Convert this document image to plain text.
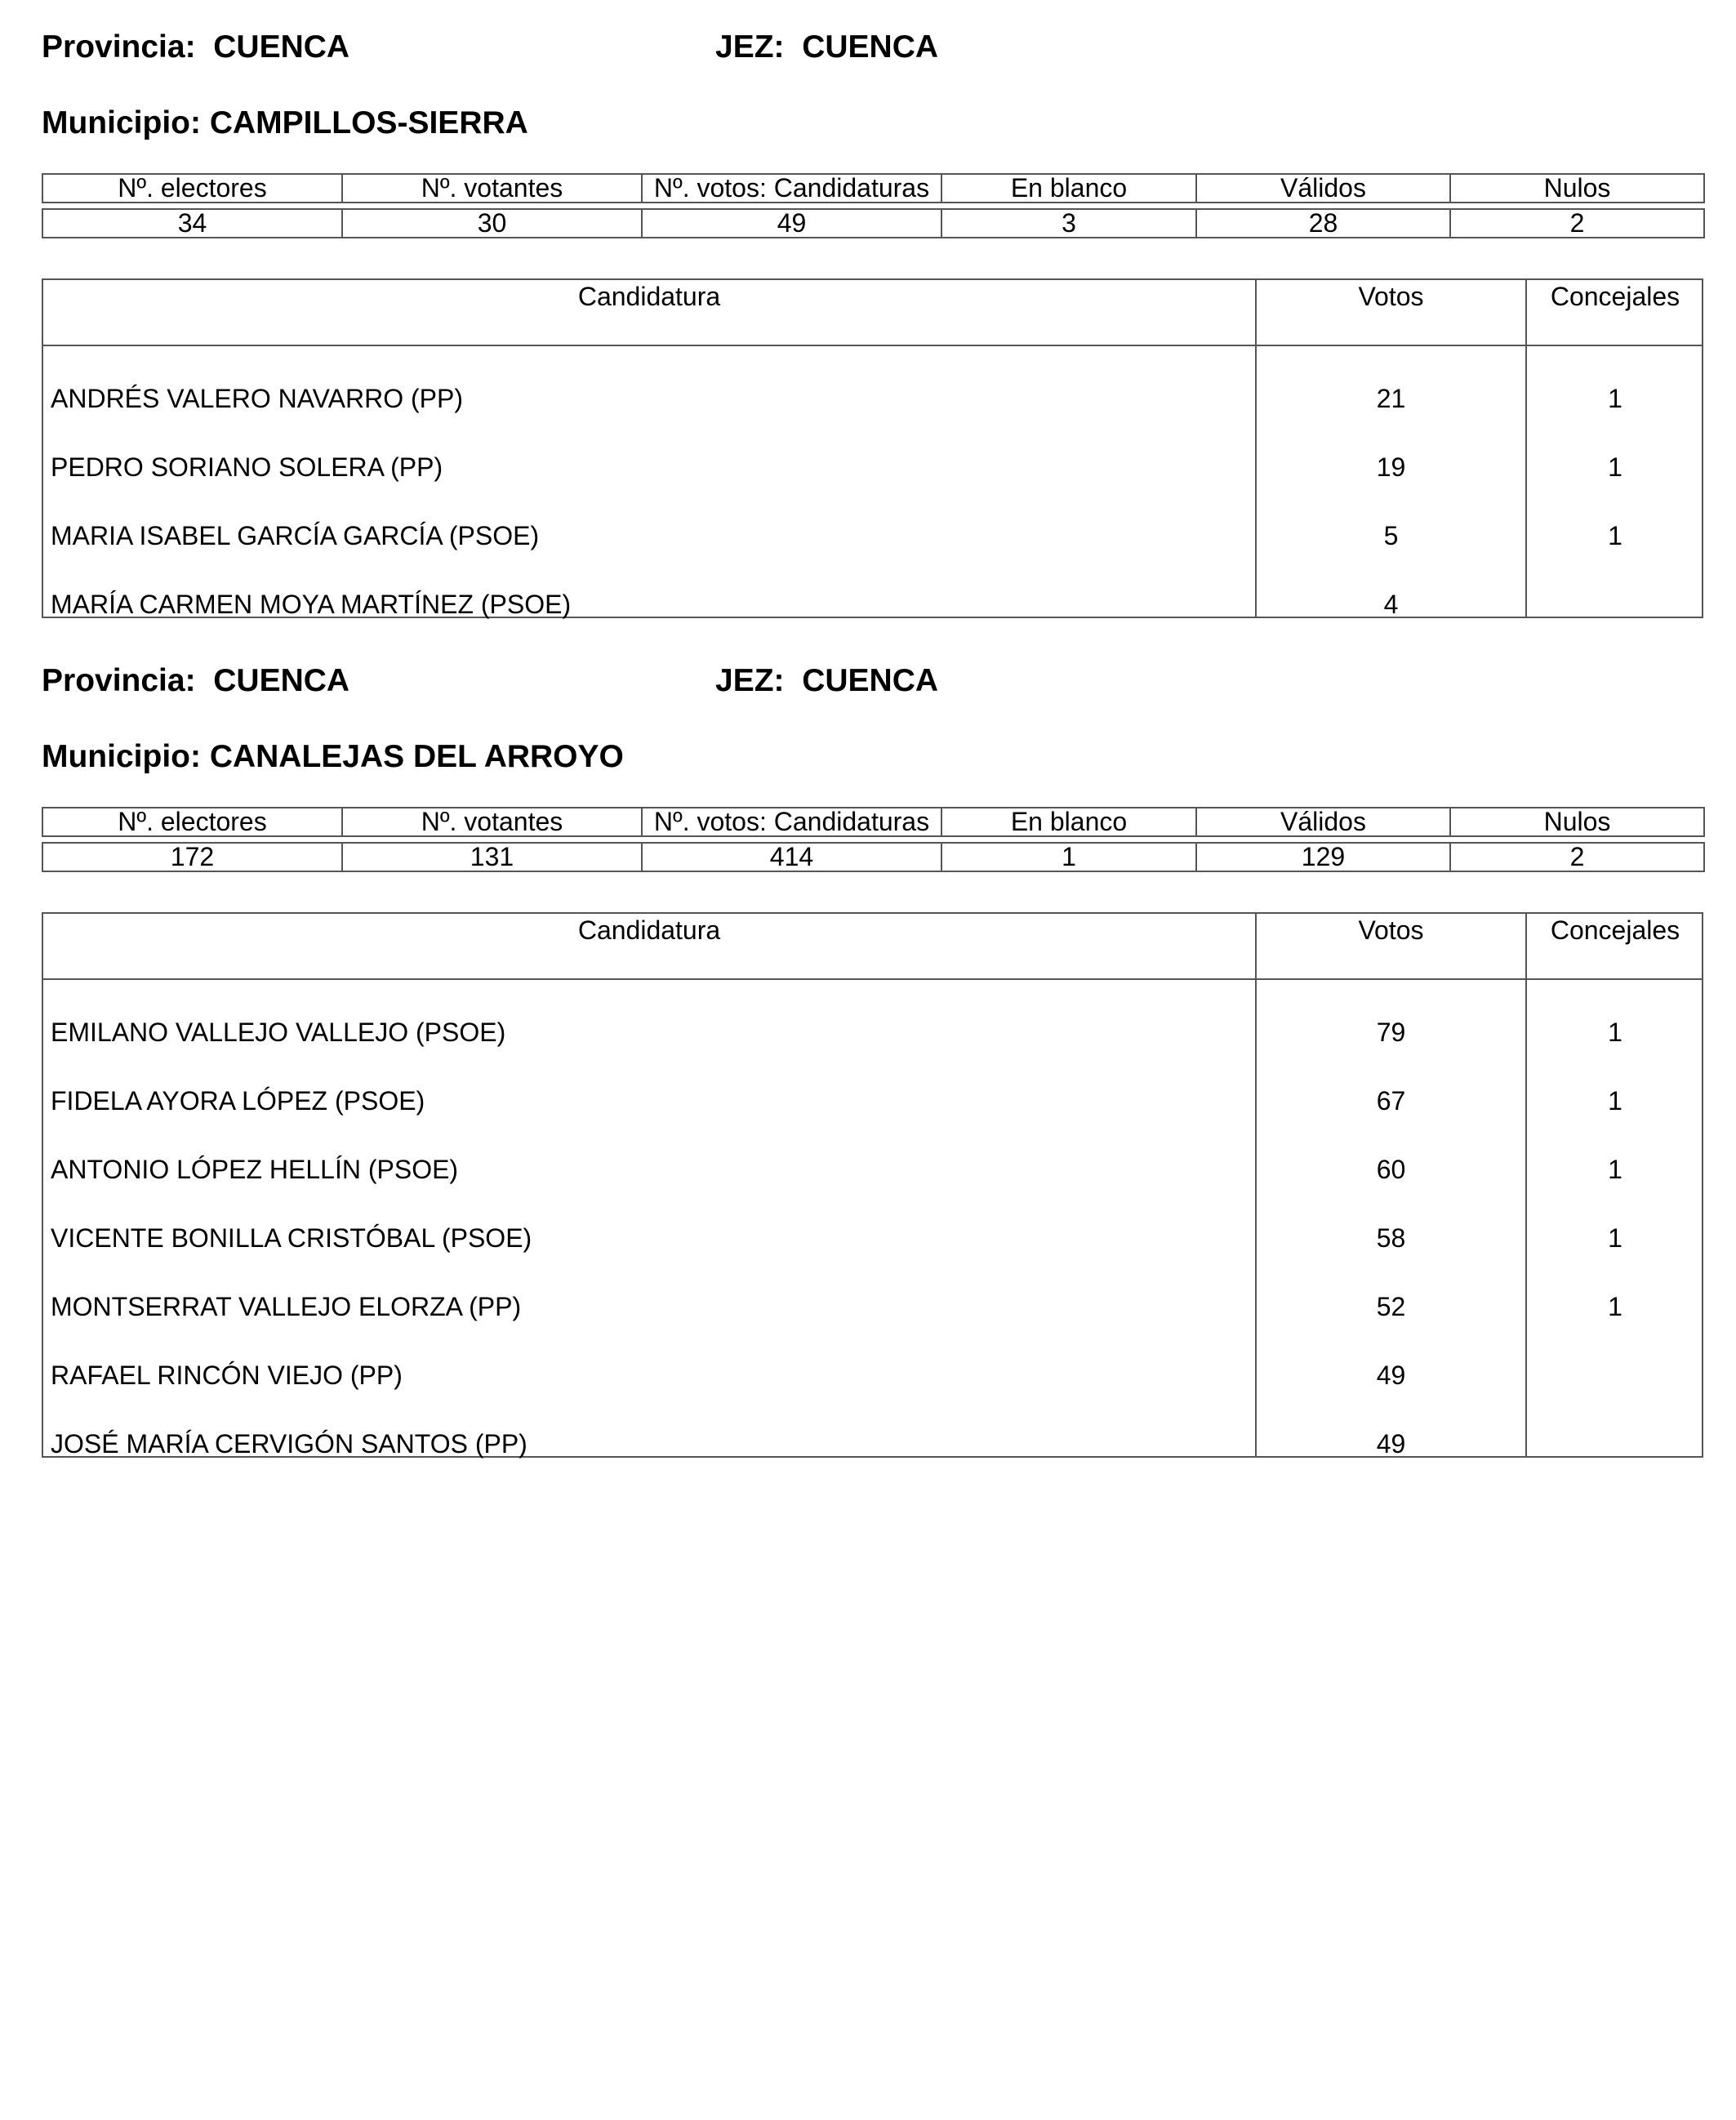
Provincia: CUENCA	JEZ: CUENCA
Municipio: CAMPILLOS-SIERRA
Nº. electores	Nº. votantes	Nº. votos: Candidaturas	En blanco	Válidos	Nulos

34	30	49	3	28	2
Candidatura	Votos	Concejales
ANDRÉS VALERO NAVARRO (PP)	21	1
PEDRO SORIANO SOLERA (PP)	19	1
MARIA ISABEL GARCÍA GARCÍA (PSOE)	5	1
MARÍA CARMEN MOYA MARTÍNEZ (PSOE)	4
Provincia: CUENCA	JEZ: CUENCA
Municipio: CANALEJAS DEL ARROYO
Nº. electores	Nº. votantes	Nº. votos: Candidaturas	En blanco	Válidos	Nulos

172	131	414	1	129	2
Candidatura	Votos	Concejales
EMILANO VALLEJO VALLEJO (PSOE)	79	1
FIDELA AYORA LÓPEZ (PSOE)	67	1
ANTONIO LÓPEZ HELLÍN (PSOE)	60	1
VICENTE BONILLA CRISTÓBAL (PSOE)	58	1
MONTSERRAT VALLEJO ELORZA (PP)	52	1
RAFAEL RINCÓN VIEJO (PP)	49
JOSÉ MARÍA CERVIGÓN SANTOS (PP)	49
